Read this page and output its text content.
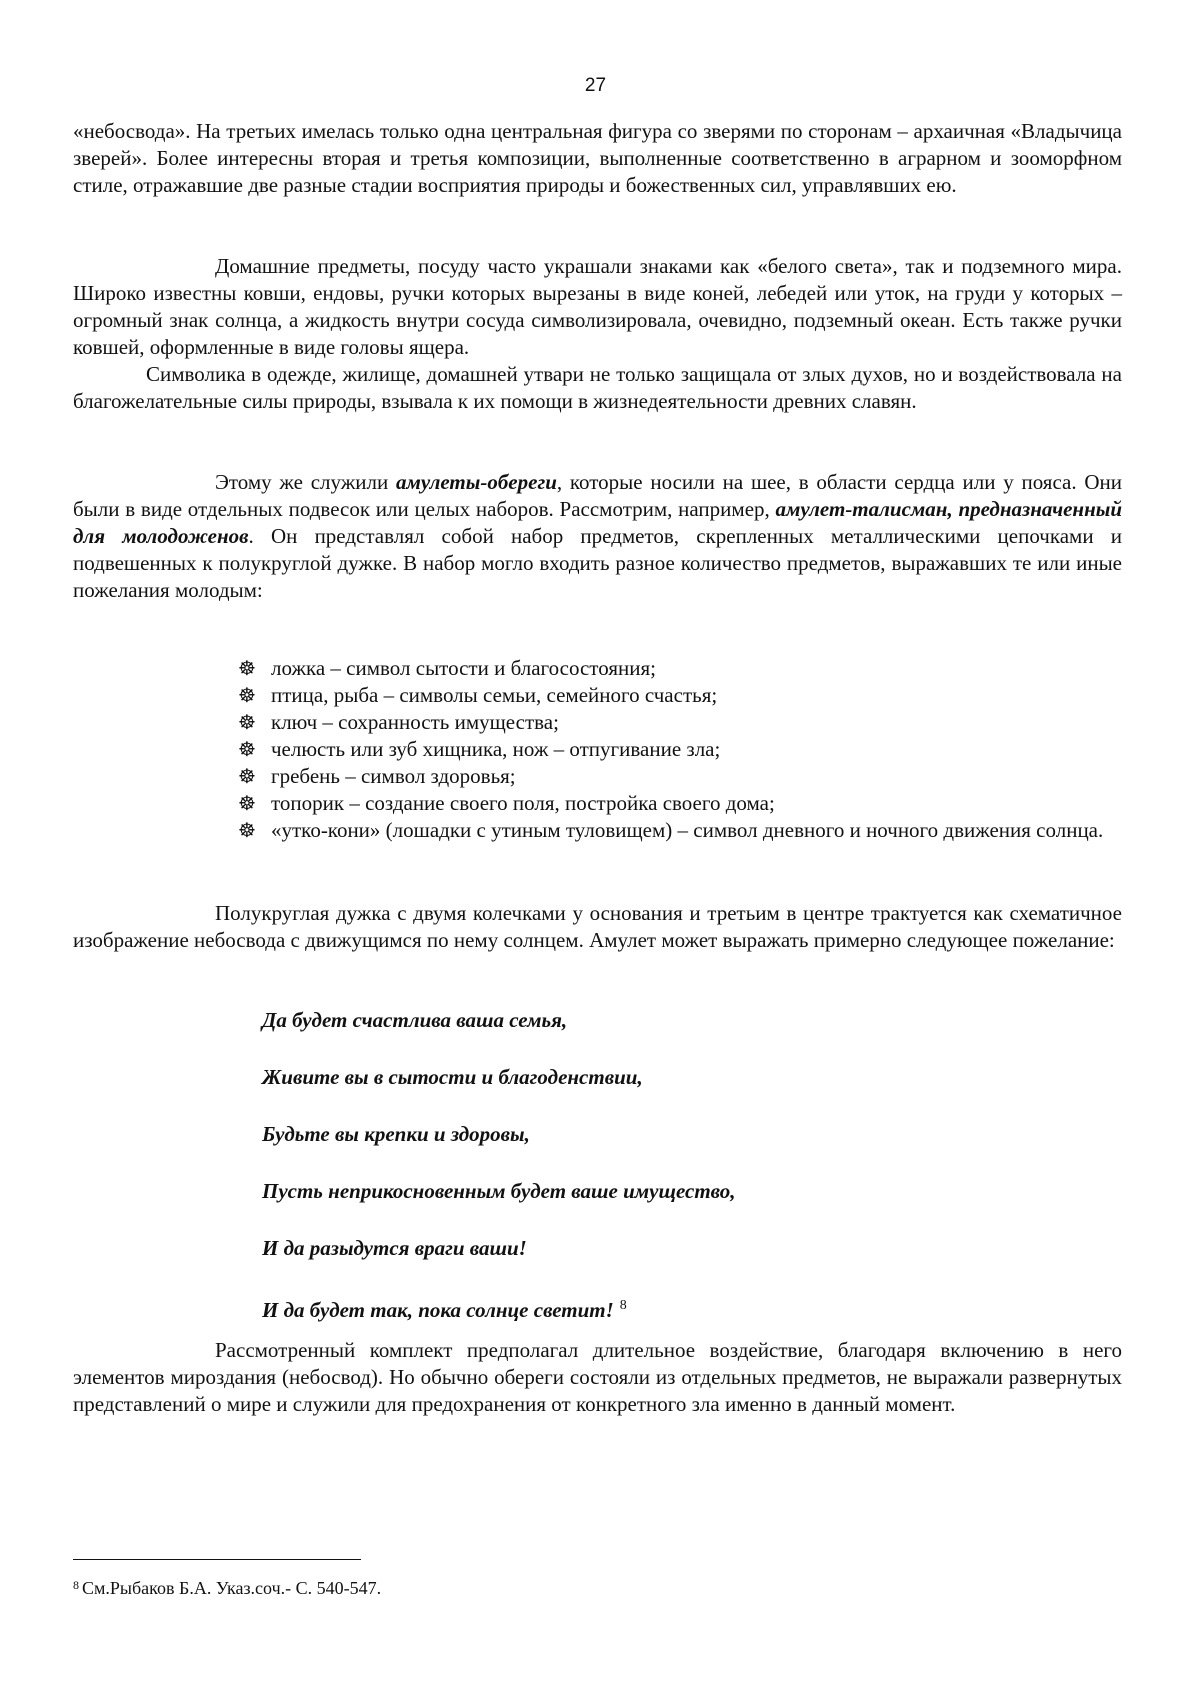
27

«небосвода». На третьих имелась только одна центральная фигура со зверями по сторонам – архаичная «Владычица зверей». Более интересны вторая и третья композиции, выполненные соответственно в аграрном и зооморфном стиле, отражавшие две разные стадии восприятия природы и божественных сил, управлявших ею.

Домашние предметы, посуду часто украшали знаками как «белого света», так и подземного мира. Широко известны ковши, ендовы, ручки которых вырезаны в виде коней, лебедей или уток, на груди у которых – огромный знак солнца, а жидкость внутри сосуда символизировала, очевидно, подземный океан. Есть также ручки ковшей, оформленные в виде головы ящера.

Символика в одежде, жилище, домашней утвари не только защищала от злых духов, но и воздействовала на благожелательные силы природы, взывала к их помощи в жизнедеятельности древних славян.

Этому же служили амулеты-обереги, которые носили на шее, в области сердца или у пояса. Они были в виде отдельных подвесок или целых наборов. Рассмотрим, например, амулет-талисман, предназначенный для молодоженов. Он представлял собой набор предметов, скрепленных металлическими цепочками и подвешенных к полукруглой дужке. В набор могло входить разное количество предметов, выражавших те или иные пожелания молодым:

☸ ложка – символ сытости и благосостояния;
☸ птица, рыба – символы семьи, семейного счастья;
☸ ключ – сохранность имущества;
☸ челюсть или зуб хищника, нож – отпугивание зла;
☸ гребень – символ здоровья;
☸ топорик – создание своего поля, постройка своего дома;
☸ «утко-кони» (лошадки с утиным туловищем) – символ дневного и ночного движения солнца.

Полукруглая дужка с двумя колечками у основания и третьим в центре трактуется как схематичное изображение небосвода с движущимся по нему солнцем. Амулет может выражать примерно следующее пожелание:

Да будет счастлива ваша семья,
Живите вы в сытости и благоденствии,
Будьте вы крепки и здоровы,
Пусть неприкосновенным будет ваше имущество,
И да разыдутся враги ваши!
И да будет так, пока солнце светит! $^8$

Рассмотренный комплект предполагал длительное воздействие, благодаря включению в него элементов мироздания (небосвод). Но обычно обереги состояли из отдельных предметов, не выражали развернутых представлений о мире и служили для предохранения от конкретного зла именно в данный момент.

$^8$ См.Рыбаков Б.А. Указ.соч.- С. 540-547.
